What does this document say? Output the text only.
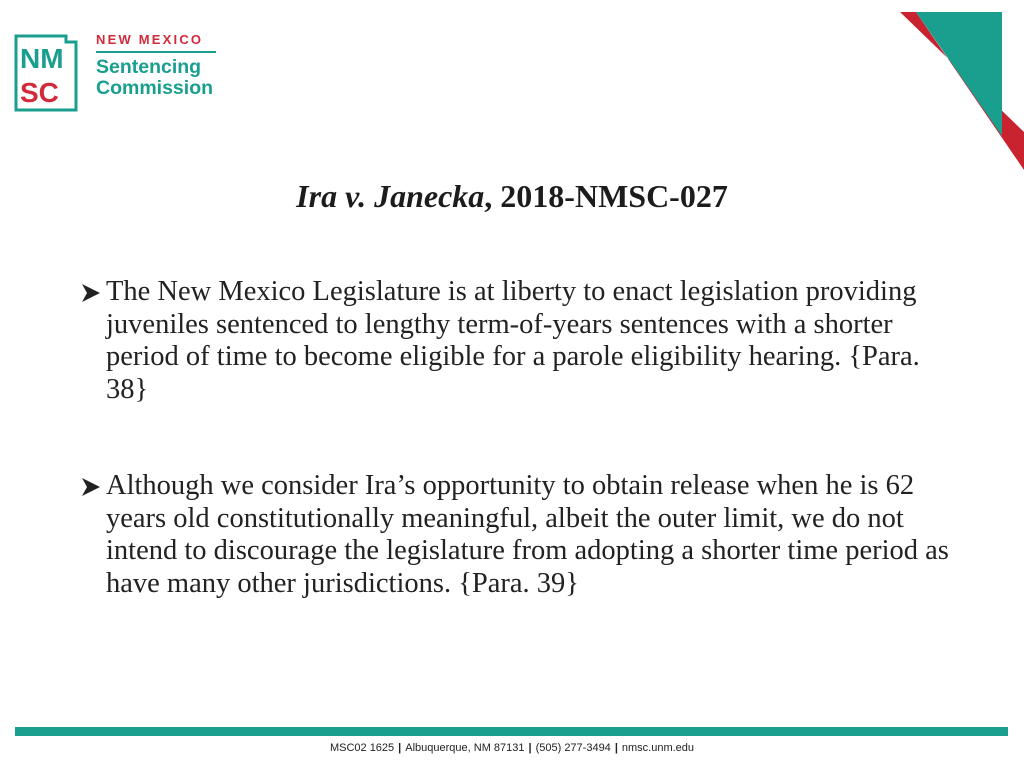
NM
SC
NEW MEXICO
Sentencing
Commission
Ira v. Janecka, 2018-NMSC-027
The New Mexico Legislature is at liberty to enact legislation providing juveniles sentenced to lengthy term-of-years sentences with a shorter period of time to become eligible for a parole eligibility hearing. {Para. 38}
Although we consider Ira’s opportunity to obtain release when he is 62 years old constitutionally meaningful, albeit the outer limit, we do not intend to discourage the legislature from adopting a shorter time period as have many other jurisdictions. {Para. 39}
MSC02 1625 | Albuquerque, NM 87131 | (505) 277-3494 | nmsc.unm.edu
